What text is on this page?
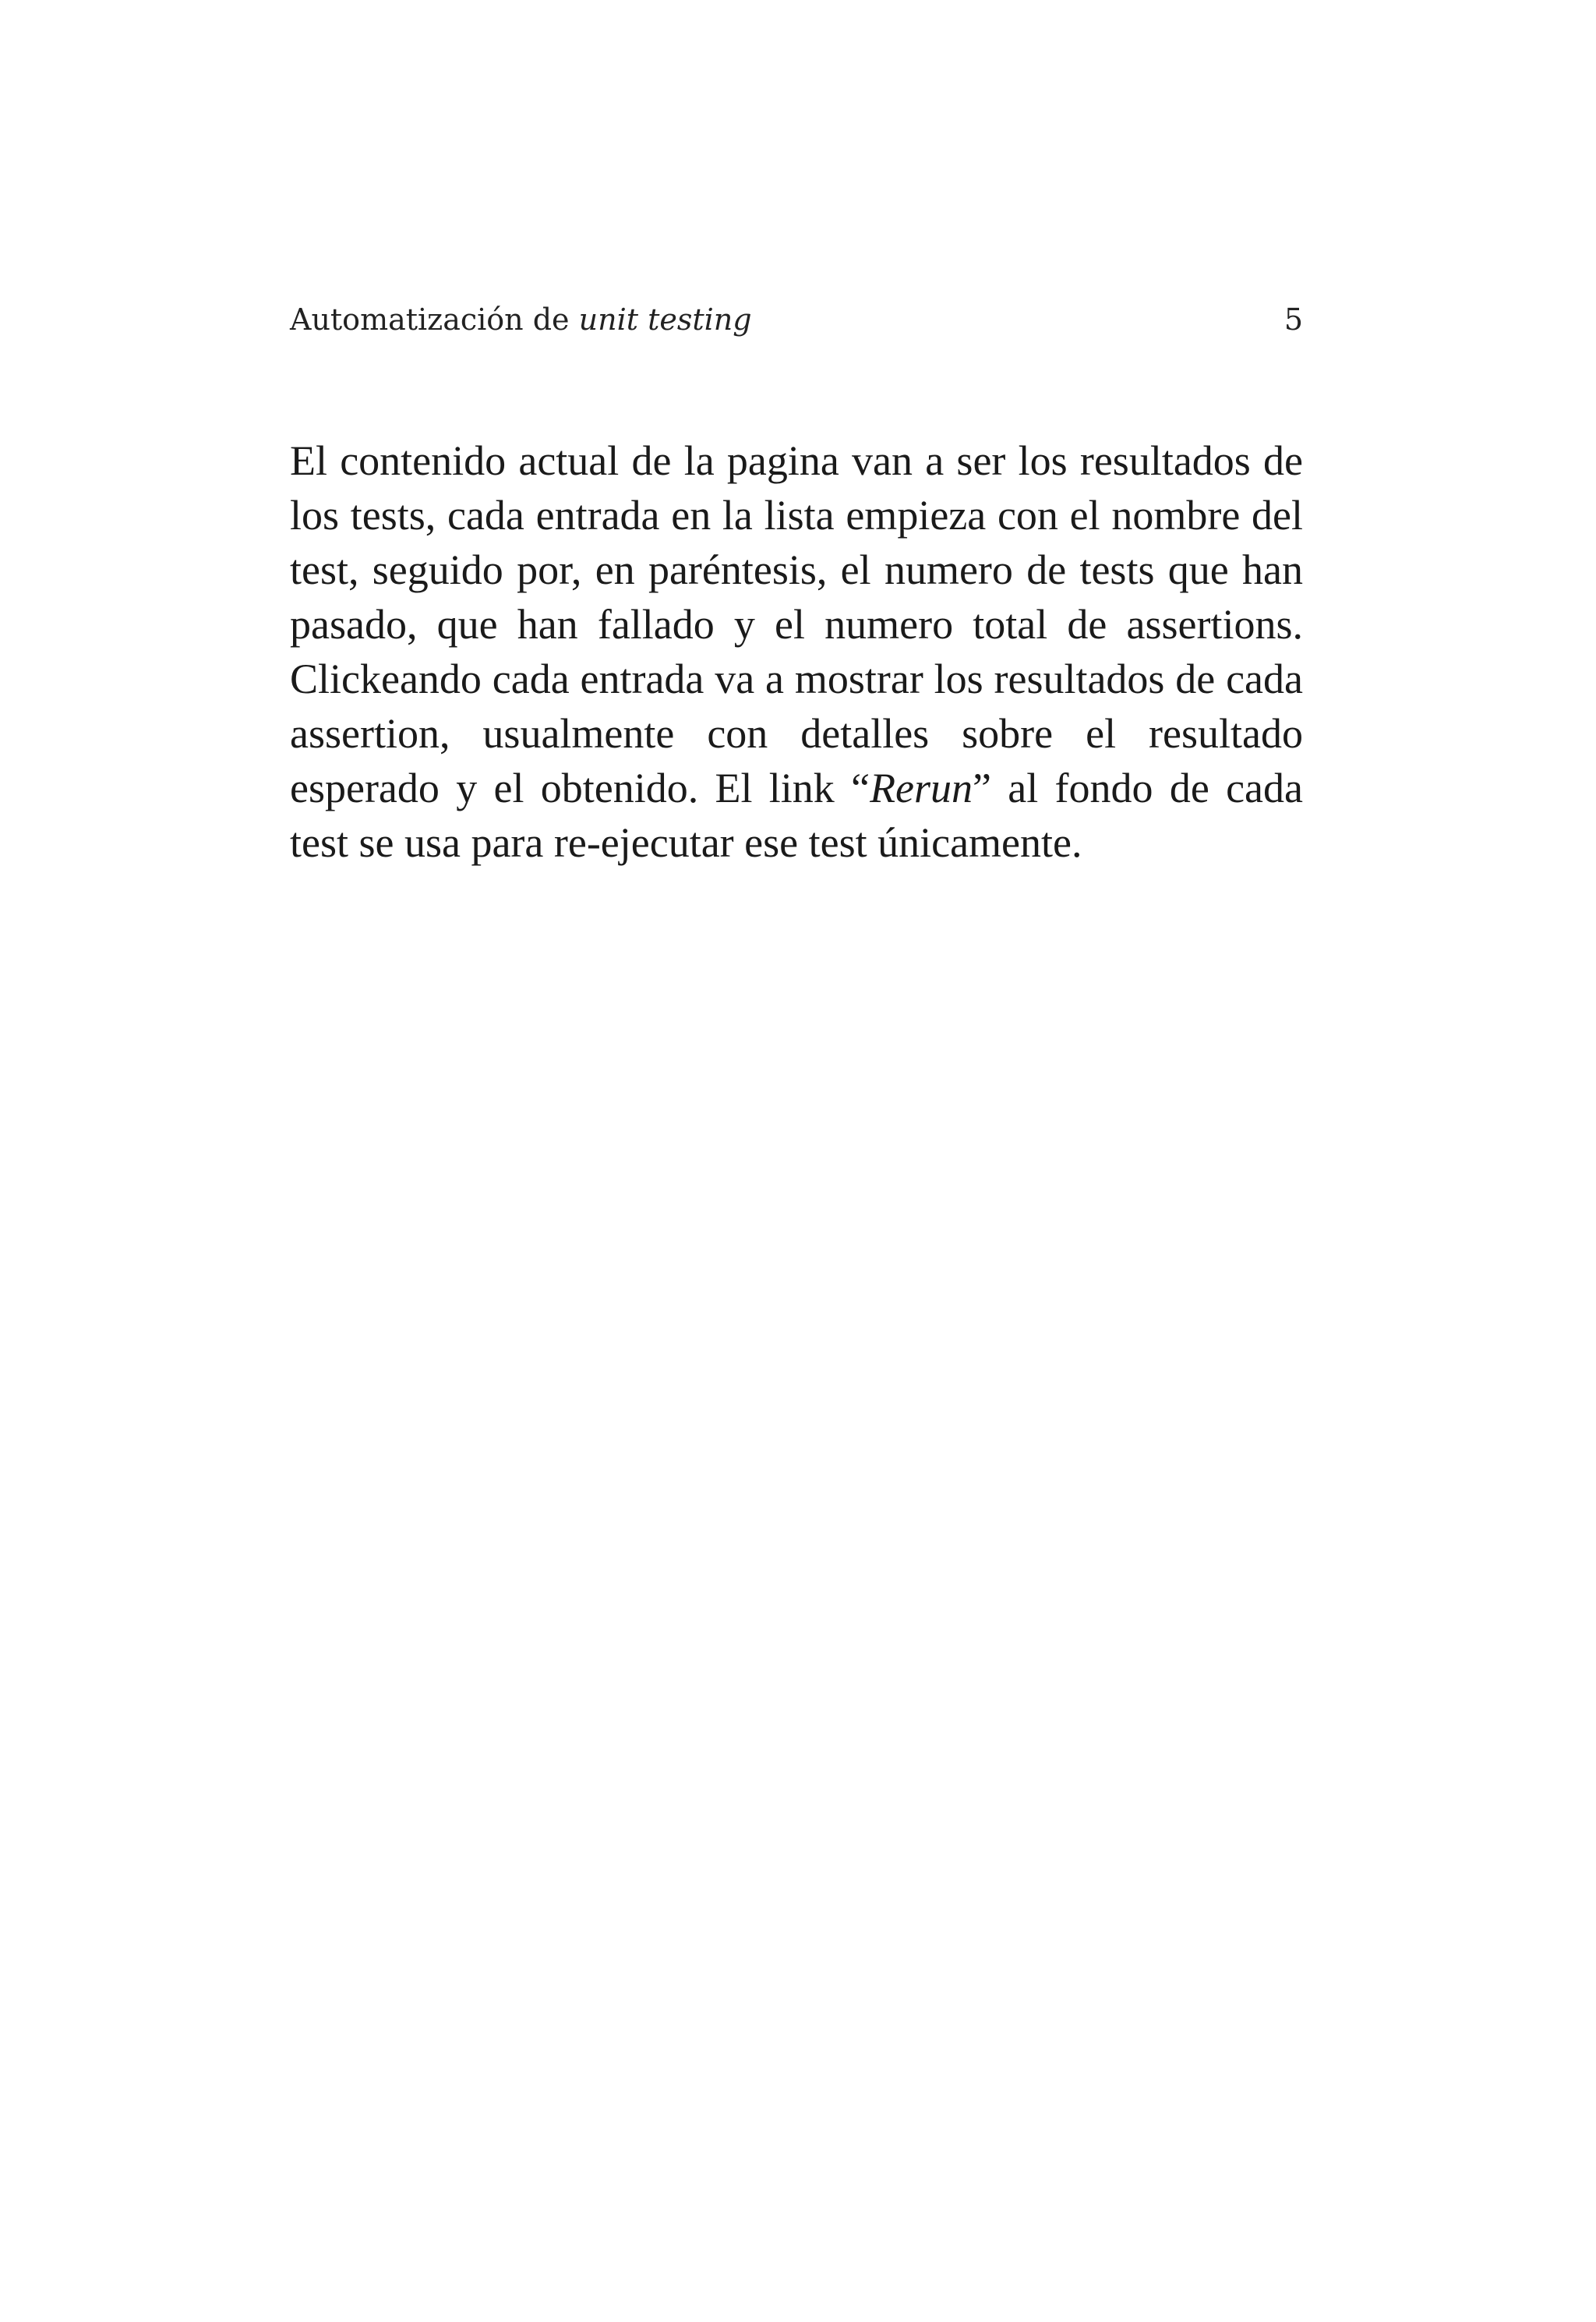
Automatización de unit testing	5

El contenido actual de la pagina van a ser los resultados de los tests, cada entrada en la lista empieza con el nombre del test, seguido por, en paréntesis, el numero de tests que han pasado, que han fallado y el numero total de assertions. Clickeando cada entrada va a mostrar los resultados de cada assertion, usualmente con detalles sobre el resultado esperado y el obtenido. El link “Rerun” al fondo de cada test se usa para re-ejecutar ese test únicamente.
